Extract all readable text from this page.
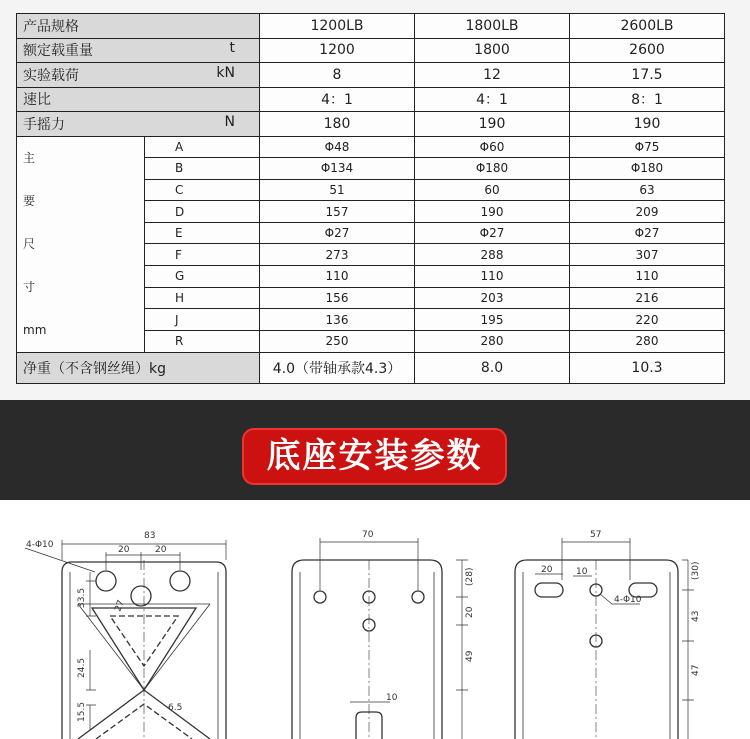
产品规格		1200LB	1800LB	2600LB
额定载重量 t		1200	1800	2600
实验载荷 kN		8	12	17.5
速比		4：1	4：1	8：1
手摇力 N		180	190	190

主
要
尺
寸
mm	A	Φ48	Φ60	Φ75
	B	Φ134	Φ180	Φ180
	C	51	60	63
	D	157	190	209
	E	Φ27	Φ27	Φ27
	F	273	288	307
	G	110	110	110
	H	156	203	216
	J	136	195	220
	R	250	280	280
净重（不含钢丝绳）kg		4.0（带轴承款4.3）	8.0	10.3
底座安装参数
4-Φ10
83
20	20
33.5	27
24.5
15.5	6.5
70
(28)
20
49
10
57
20	10
4-Φ10
(30)
43
47
